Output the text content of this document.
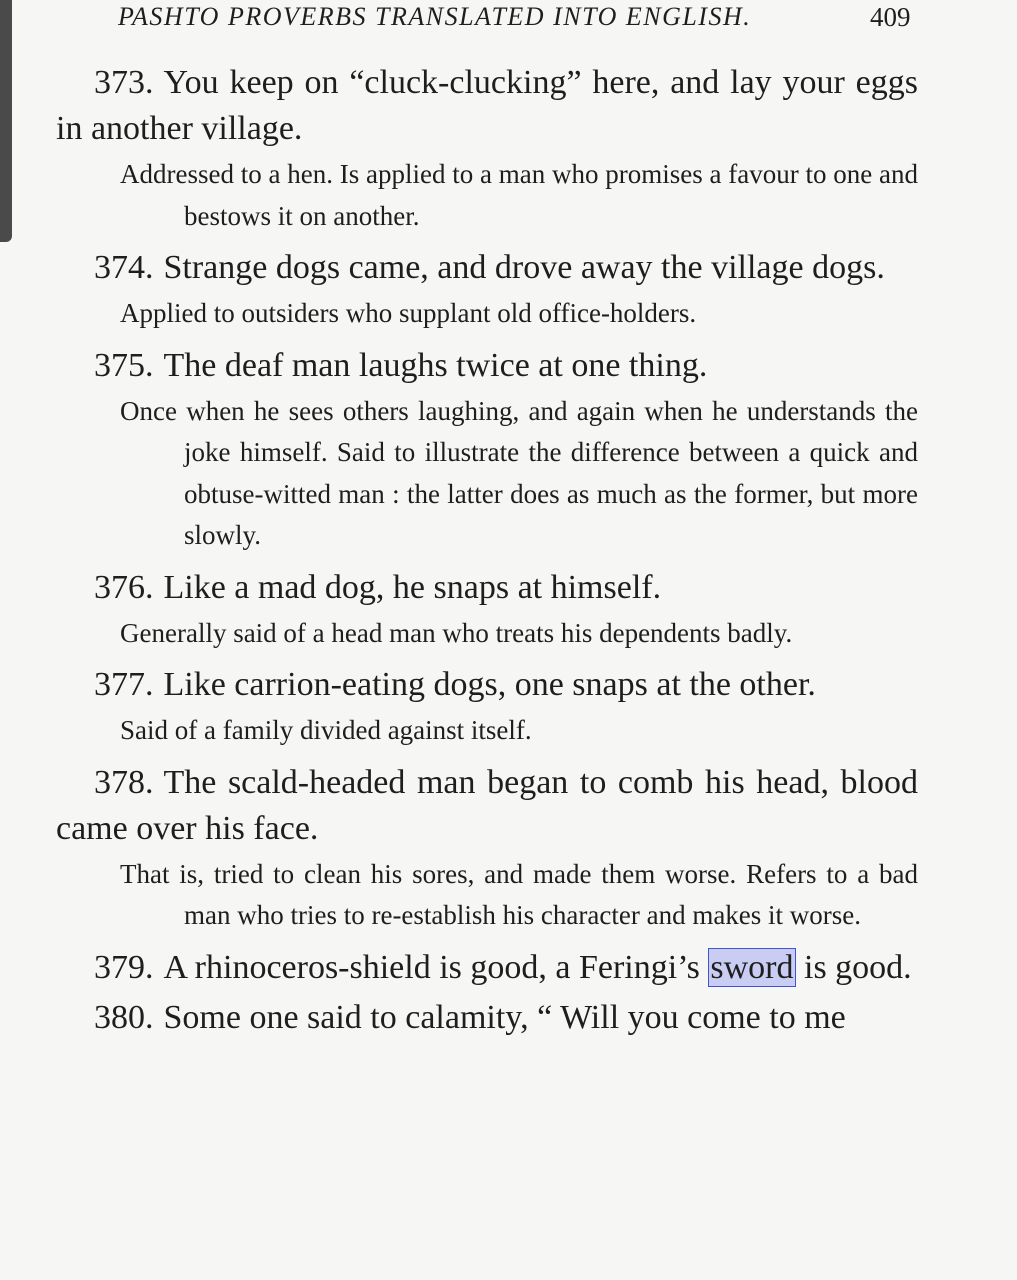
PASHTO PROVERBS TRANSLATED INTO ENGLISH.	409
373. You keep on “cluck-clucking” here, and lay your eggs in another village.
Addressed to a hen. Is applied to a man who promises a favour to one and bestows it on another.
374. Strange dogs came, and drove away the village dogs.
Applied to outsiders who supplant old office-holders.
375. The deaf man laughs twice at one thing.
Once when he sees others laughing, and again when he understands the joke himself. Said to illustrate the difference between a quick and obtuse-witted man : the latter does as much as the former, but more slowly.
376. Like a mad dog, he snaps at himself.
Generally said of a head man who treats his dependents badly.
377. Like carrion-eating dogs, one snaps at the other.
Said of a family divided against itself.
378. The scald-headed man began to comb his head, blood came over his face.
That is, tried to clean his sores, and made them worse. Refers to a bad man who tries to re-establish his character and makes it worse.
379. A rhinoceros-shield is good, a Feringi’s sword is good.
380. Some one said to calamity, “ Will you come to me
